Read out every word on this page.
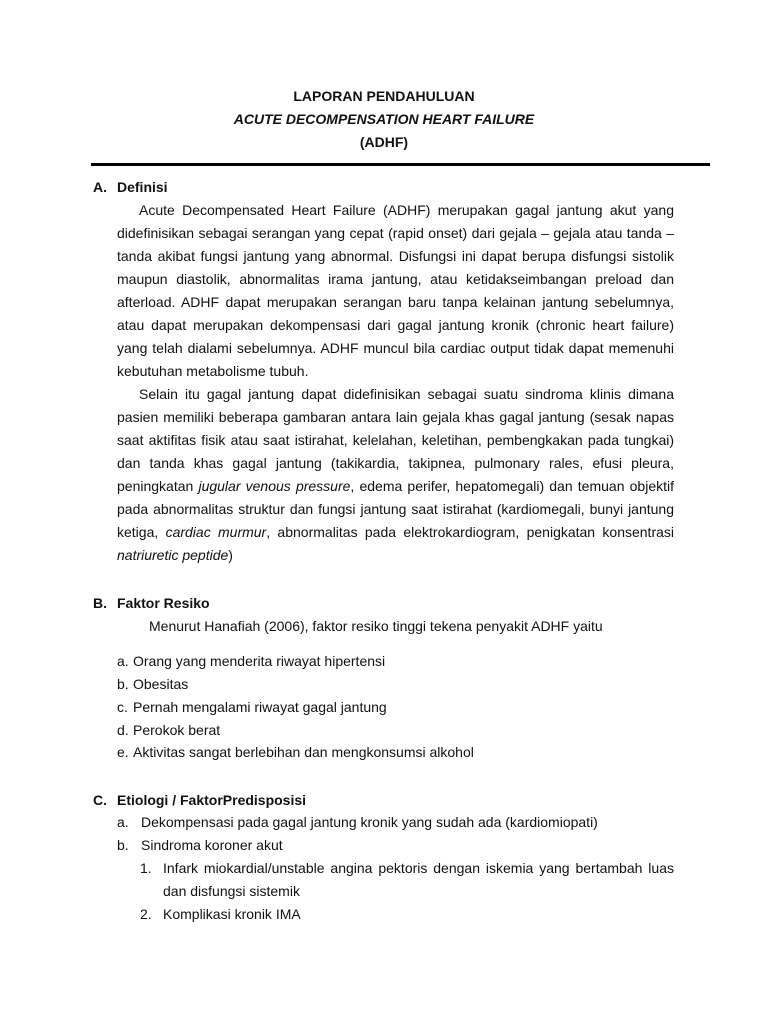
LAPORAN PENDAHULUAN
ACUTE DECOMPENSATION HEART FAILURE
(ADHF)
A. Definisi
Acute Decompensated Heart Failure (ADHF) merupakan gagal jantung akut yang didefinisikan sebagai serangan yang cepat (rapid onset) dari gejala – gejala atau tanda – tanda akibat fungsi jantung yang abnormal. Disfungsi ini dapat berupa disfungsi sistolik maupun diastolik, abnormalitas irama jantung, atau ketidakseimbangan preload dan afterload. ADHF dapat merupakan serangan baru tanpa kelainan jantung sebelumnya, atau dapat merupakan dekompensasi dari gagal jantung kronik (chronic heart failure) yang telah dialami sebelumnya. ADHF muncul bila cardiac output tidak dapat memenuhi kebutuhan metabolisme tubuh.
Selain itu gagal jantung dapat didefinisikan sebagai suatu sindroma klinis dimana pasien memiliki beberapa gambaran antara lain gejala khas gagal jantung (sesak napas saat aktifitas fisik atau saat istirahat, kelelahan, keletihan, pembengkakan pada tungkai) dan tanda khas gagal jantung (takikardia, takipnea, pulmonary rales, efusi pleura, peningkatan jugular venous pressure, edema perifer, hepatomegali) dan temuan objektif pada abnormalitas struktur dan fungsi jantung saat istirahat (kardiomegali, bunyi jantung ketiga, cardiac murmur, abnormalitas pada elektrokardiogram, penigkatan konsentrasi natriuretic peptide)
B. Faktor Resiko
Menurut Hanafiah (2006), faktor resiko tinggi tekena penyakit ADHF yaitu
a. Orang yang menderita riwayat hipertensi
b. Obesitas
c. Pernah mengalami riwayat gagal jantung
d. Perokok berat
e. Aktivitas sangat berlebihan dan mengkonsumsi alkohol
C. Etiologi / FaktorPredisposisi
a. Dekompensasi pada gagal jantung kronik yang sudah ada (kardiomiopati)
b. Sindroma koroner akut
1. Infark miokardial/unstable angina pektoris dengan iskemia yang bertambah luas dan disfungsi sistemik
2. Komplikasi kronik IMA
